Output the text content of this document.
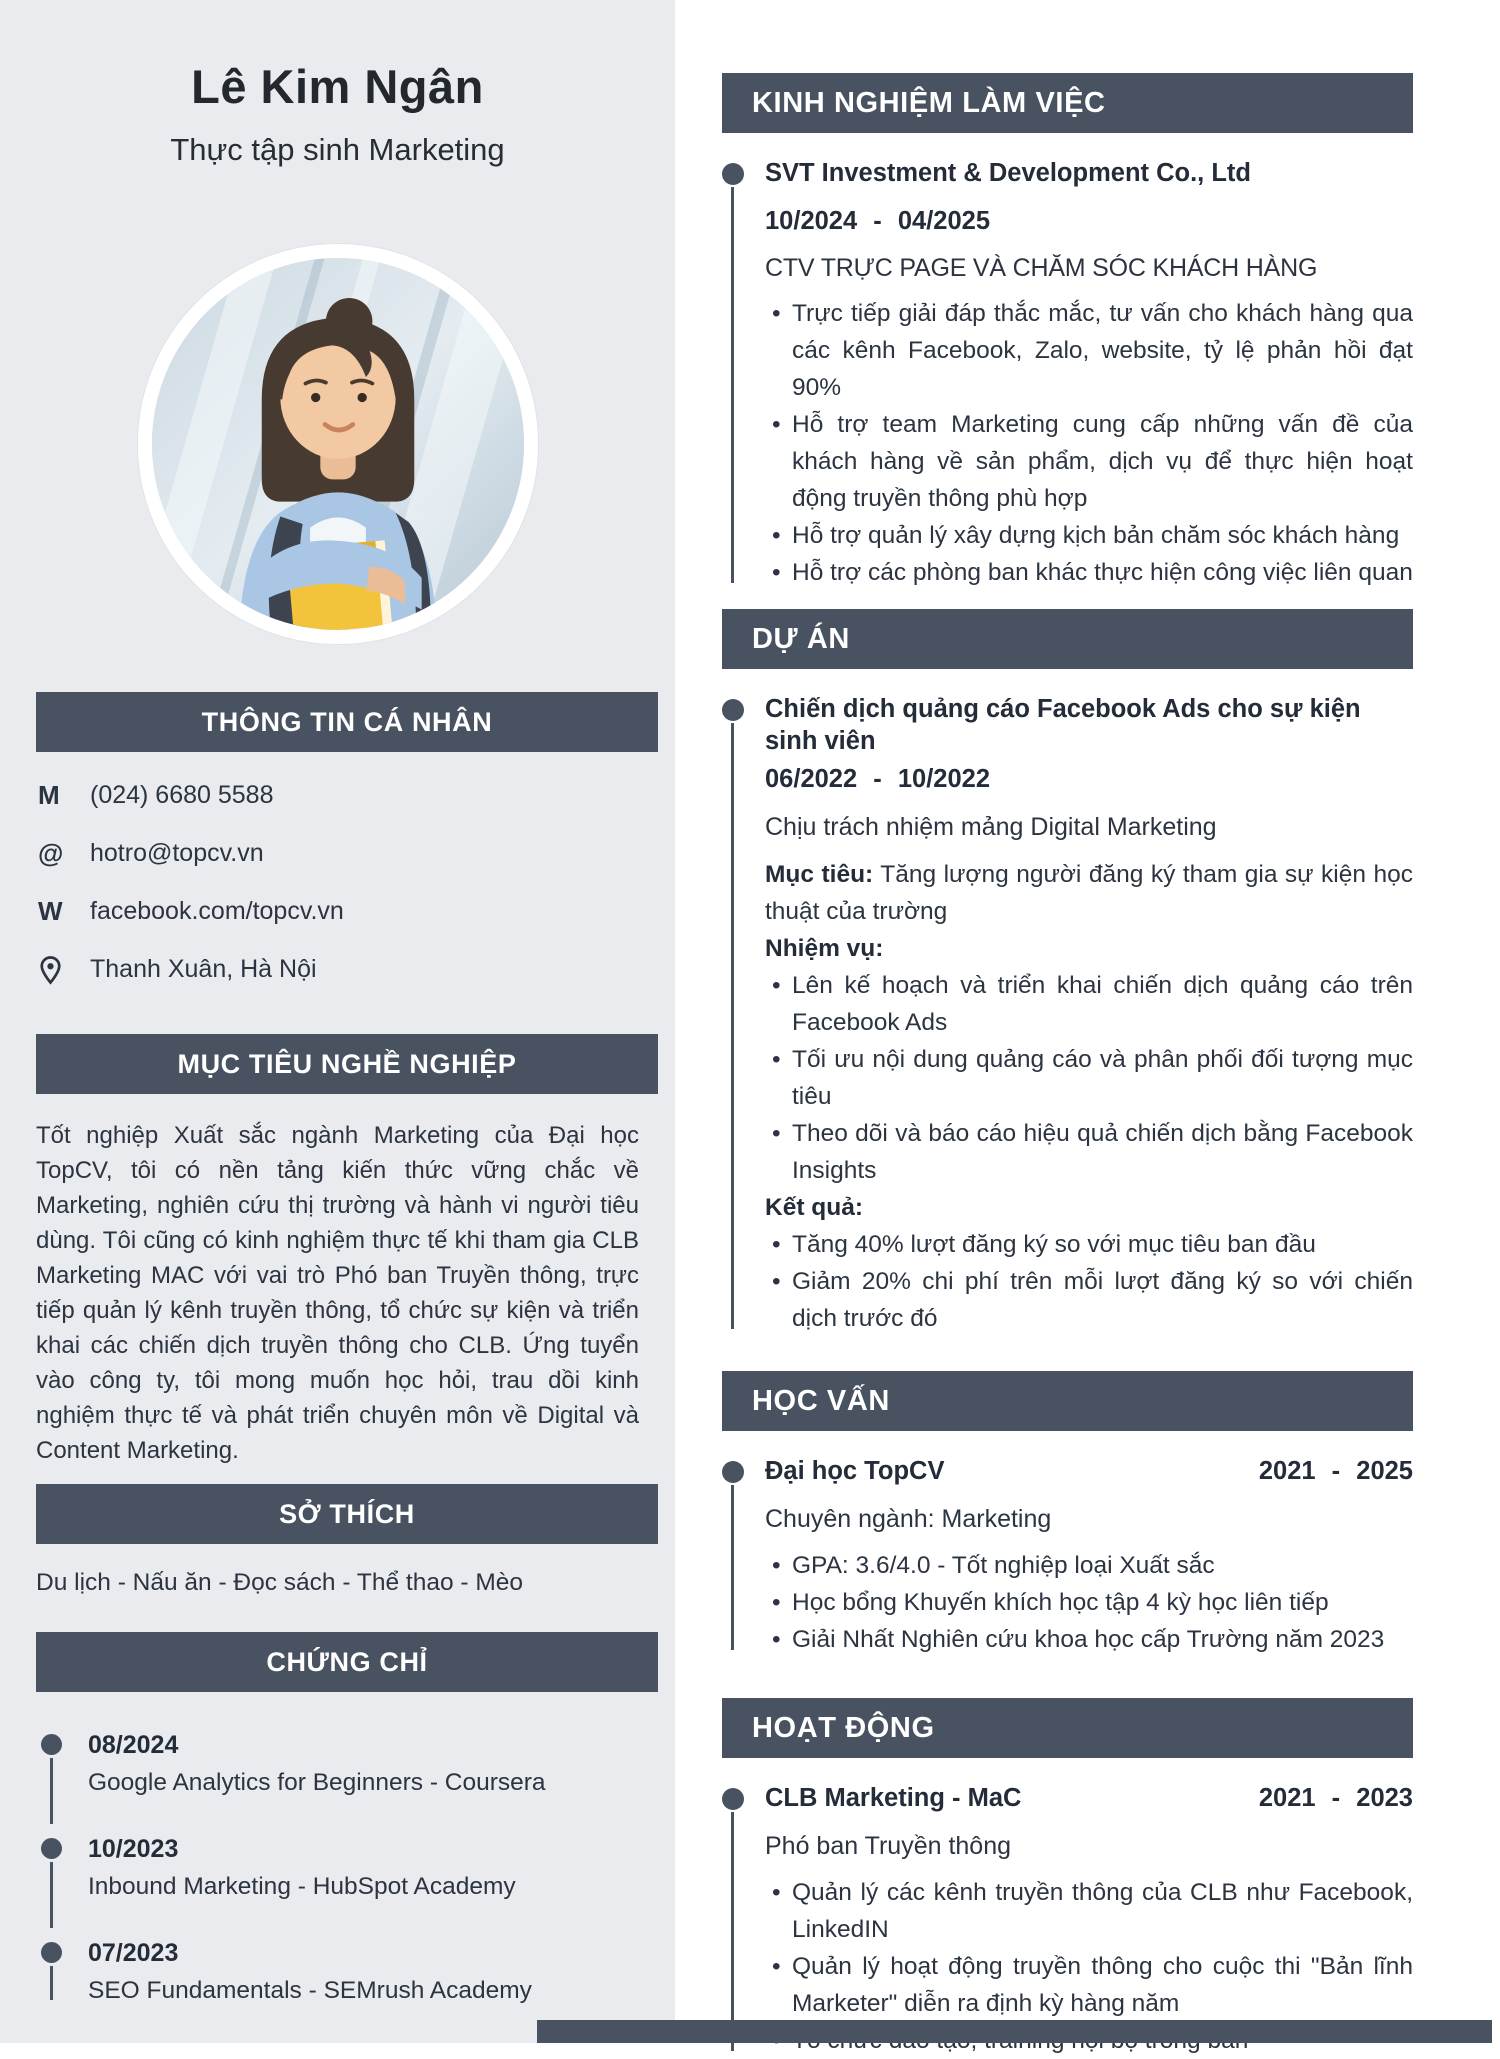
Lê Kim Ngân
Thực tập sinh Marketing
THÔNG TIN CÁ NHÂN
M	(024) 6680 5588
@	hotro@topcv.vn
W	facebook.com/topcv.vn
Thanh Xuân, Hà Nội
MỤC TIÊU NGHỀ NGHIỆP

Tốt nghiệp Xuất sắc ngành Marketing của Đại học TopCV, tôi có nền tảng kiến thức vững chắc về Marketing, nghiên cứu thị trường và hành vi người tiêu dùng. Tôi cũng có kinh nghiệm thực tế khi tham gia CLB Marketing MAC với vai trò Phó ban Truyền thông, trực tiếp quản lý kênh truyền thông, tổ chức sự kiện và triển khai các chiến dịch truyền thông cho CLB. Ứng tuyển vào công ty, tôi mong muốn học hỏi, trau dồi kinh nghiệm thực tế và phát triển chuyên môn về Digital và Content Marketing.

SỞ THÍCH

Du lịch - Nấu ăn - Đọc sách - Thể thao - Mèo

CHỨNG CHỈ
08/2024
Google Analytics for Beginners - Coursera
10/2023
Inbound Marketing - HubSpot Academy
07/2023
SEO Fundamentals - SEMrush Academy
KINH NGHIỆM LÀM VIỆC
SVT Investment & Development Co., Ltd
10/2024 - 04/2025
CTV TRỰC PAGE VÀ CHĂM SÓC KHÁCH HÀNG
• Trực tiếp giải đáp thắc mắc, tư vấn cho khách hàng qua các kênh Facebook, Zalo, website, tỷ lệ phản hồi đạt 90%
• Hỗ trợ team Marketing cung cấp những vấn đề của khách hàng về sản phẩm, dịch vụ để thực hiện hoạt động truyền thông phù hợp
• Hỗ trợ quản lý xây dựng kịch bản chăm sóc khách hàng
• Hỗ trợ các phòng ban khác thực hiện công việc liên quan
DỰ ÁN
Chiến dịch quảng cáo Facebook Ads cho sự kiện sinh viên
06/2022 - 10/2022
Chịu trách nhiệm mảng Digital Marketing
Mục tiêu: Tăng lượng người đăng ký tham gia sự kiện học thuật của trường
Nhiệm vụ:
• Lên kế hoạch và triển khai chiến dịch quảng cáo trên Facebook Ads
• Tối ưu nội dung quảng cáo và phân phối đối tượng mục tiêu
• Theo dõi và báo cáo hiệu quả chiến dịch bằng Facebook Insights
Kết quả:
• Tăng 40% lượt đăng ký so với mục tiêu ban đầu
• Giảm 20% chi phí trên mỗi lượt đăng ký so với chiến dịch trước đó
HỌC VẤN
Đại học TopCV	2021 - 2025
Chuyên ngành: Marketing
• GPA: 3.6/4.0 - Tốt nghiệp loại Xuất sắc
• Học bổng Khuyến khích học tập 4 kỳ học liên tiếp
• Giải Nhất Nghiên cứu khoa học cấp Trường năm 2023
HOẠT ĐỘNG
CLB Marketing - MaC	2021 - 2023
Phó ban Truyền thông
• Quản lý các kênh truyền thông của CLB như Facebook, LinkedIN
• Quản lý hoạt động truyền thông cho cuộc thi "Bản lĩnh Marketer" diễn ra định kỳ hàng năm
•
